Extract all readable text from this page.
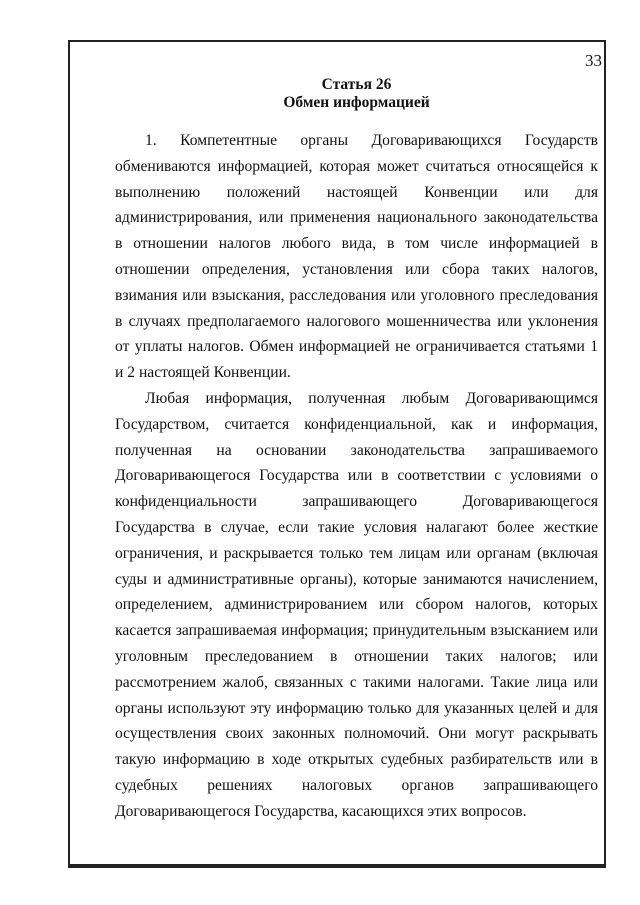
33
Статья 26
Обмен информацией

1. Компетентные органы Договаривающихся Государств обмениваются информацией, которая может считаться относящейся к выполнению положений настоящей Конвенции или для администрирования, или применения национального законодательства в отношении налогов любого вида, в том числе информацией в отношении определения, установления или сбора таких налогов, взимания или взыскания, расследования или уголовного преследования в случаях предполагаемого налогового мошенничества или уклонения от уплаты налогов. Обмен информацией не ограничивается статьями 1 и 2 настоящей Конвенции.

Любая информация, полученная любым Договаривающимся Государством, считается конфиденциальной, как и информация, полученная на основании законодательства запрашиваемого Договаривающегося Государства или в соответствии с условиями о конфиденциальности запрашивающего Договаривающегося Государства в случае, если такие условия налагают более жесткие ограничения, и раскрывается только тем лицам или органам (включая суды и административные органы), которые занимаются начислением, определением, администрированием или сбором налогов, которых касается запрашиваемая информация; принудительным взысканием или уголовным преследованием в отношении таких налогов; или рассмотрением жалоб, связанных с такими налогами. Такие лица или органы используют эту информацию только для указанных целей и для осуществления своих законных полномочий. Они могут раскрывать такую информацию в ходе открытых судебных разбирательств или в судебных решениях налоговых органов запрашивающего Договаривающегося Государства, касающихся этих вопросов.
